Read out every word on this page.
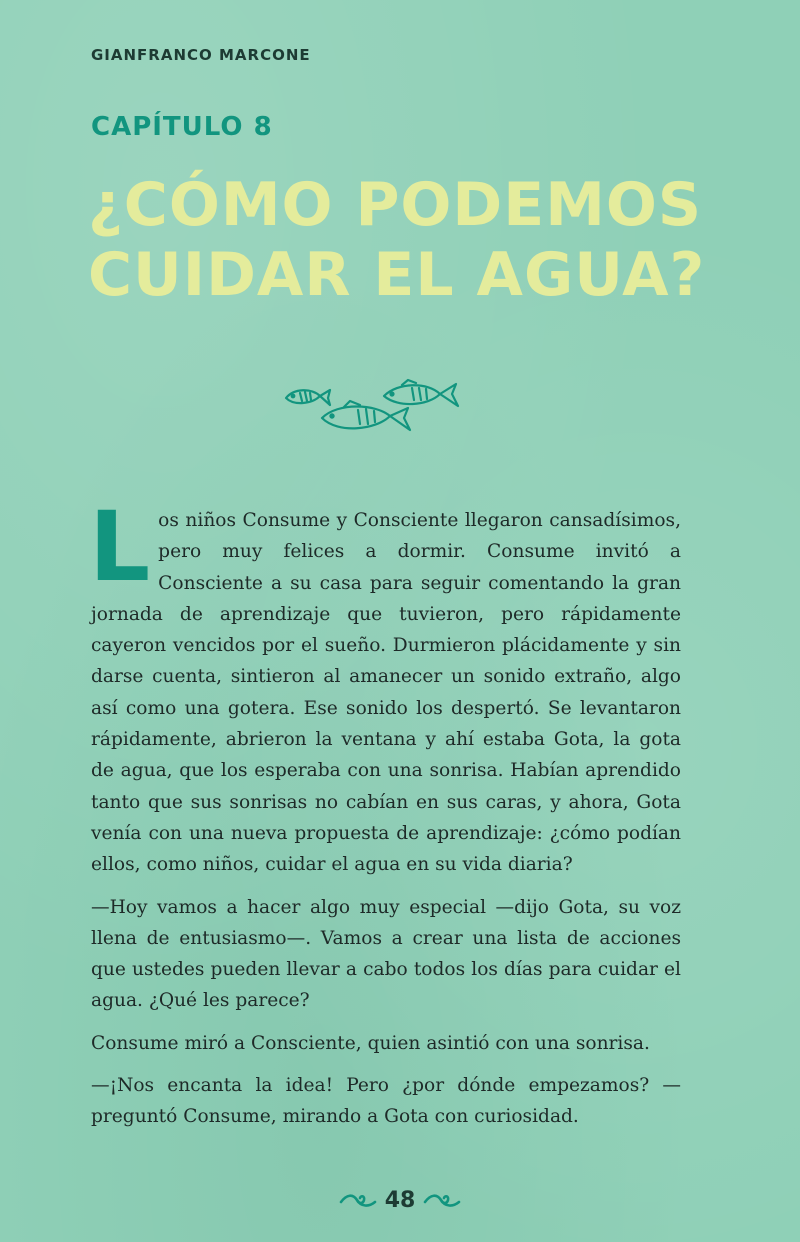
GIANFRANCO MARCONE
CAPÍTULO 8
¿CÓMO PODEMOS
CUIDAR EL AGUA?

Los niños Consume y Consciente llegaron cansadísimos, pero muy felices a dormir. Consume invitó a Consciente a su casa para seguir comentando la gran jornada de aprendizaje que tuvieron, pero rápidamente cayeron vencidos por el sueño. Durmieron plácidamente y sin darse cuenta, sintieron al amanecer un sonido extraño, algo así como una gotera. Ese sonido los despertó. Se levantaron rápidamente, abrieron la ventana y ahí estaba Gota, la gota de agua, que los esperaba con una sonrisa. Habían aprendido tanto que sus sonrisas no cabían en sus caras, y ahora, Gota venía con una nueva propuesta de aprendizaje: ¿cómo podían ellos, como niños, cuidar el agua en su vida diaria?

—Hoy vamos a hacer algo muy especial —dijo Gota, su voz llena de entusiasmo—. Vamos a crear una lista de acciones que ustedes pueden llevar a cabo todos los días para cuidar el agua. ¿Qué les parece?

Consume miró a Consciente, quien asintió con una sonrisa.

—¡Nos encanta la idea! Pero ¿por dónde empezamos? —preguntó Consume, mirando a Gota con curiosidad.

48
